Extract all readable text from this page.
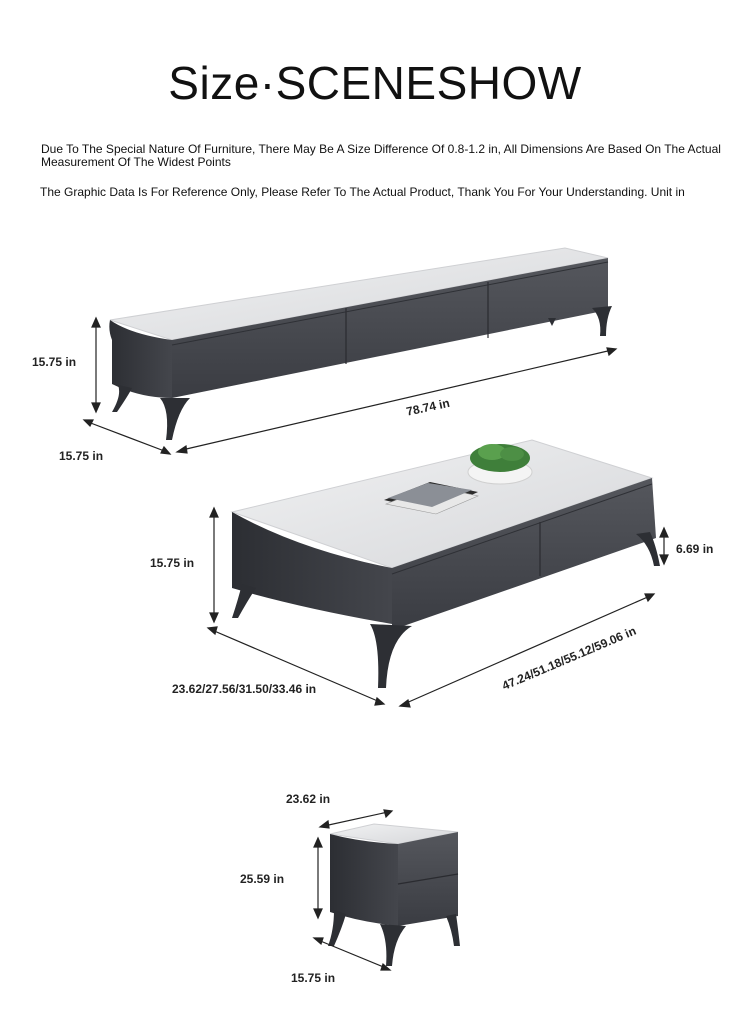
Size·SCENESHOW
Due To The Special Nature Of Furniture, There May Be A Size Difference Of 0.8-1.2 in, All Dimensions Are Based On The Actual Measurement Of The Widest Points
The Graphic Data Is For Reference Only, Please Refer To The Actual Product, Thank You For Your Understanding. Unit in
15.75 in
15.75 in
78.74 in
15.75 in
6.69 in
23.62/27.56/31.50/33.46 in	47.24/51.18/55.12/59.06 in
23.62 in
25.59 in
15.75 in
